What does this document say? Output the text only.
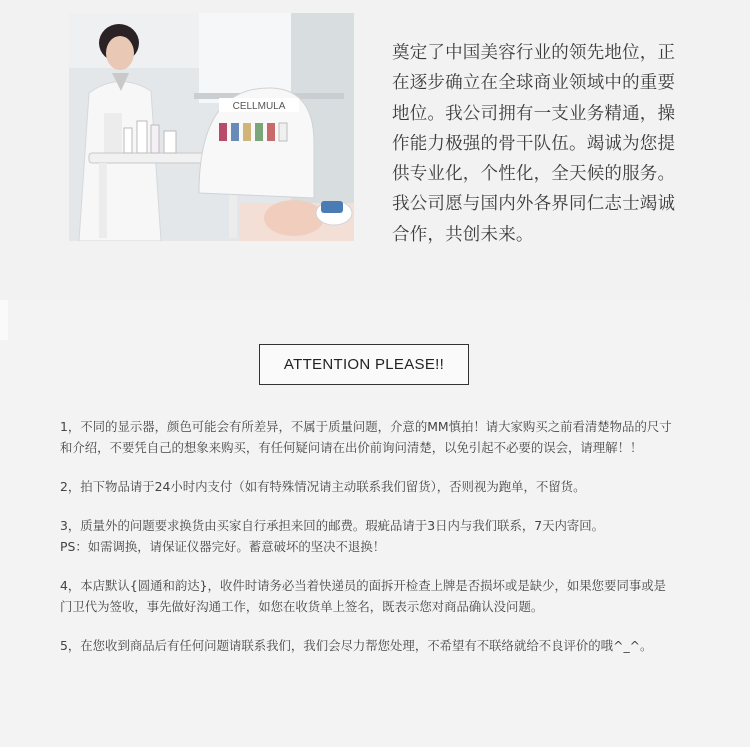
CELLMULA
奠定了中国美容行业的领先地位，正
在逐步确立在全球商业领域中的重要
地位。我公司拥有一支业务精通，操
作能力极强的骨干队伍。竭诚为您提
供专业化，个性化，全天候的服务。
我公司愿与国内外各界同仁志士竭诚
合作，共创未来。
ATTENTION PLEASE!!

1，不同的显示器，颜色可能会有所差异，不属于质量问题，介意的MM慎拍！请大家购买之前看清楚物品的尺寸

和介绍，不要凭自己的想象来购买，有任何疑问请在出价前询问清楚，以免引起不必要的误会，请理解！！

2，拍下物品请于24小时内支付（如有特殊情况请主动联系我们留货），否则视为跑单，不留货。

3，质量外的问题要求换货由买家自行承担来回的邮费。瑕疵品请于3日内与我们联系，7天内寄回。

PS：如需调换，请保证仪器完好。蓄意破坏的坚决不退换！

4，本店默认{圆通和韵达}，收件时请务必当着快递员的面拆开检查上牌是否损坏或是缺少，如果您要同事或是

门卫代为签收，事先做好沟通工作，如您在收货单上签名，既表示您对商品确认没问题。

5，在您收到商品后有任何问题请联系我们，我们会尽力帮您处理，不希望有不联络就给不良评价的哦^_^。
